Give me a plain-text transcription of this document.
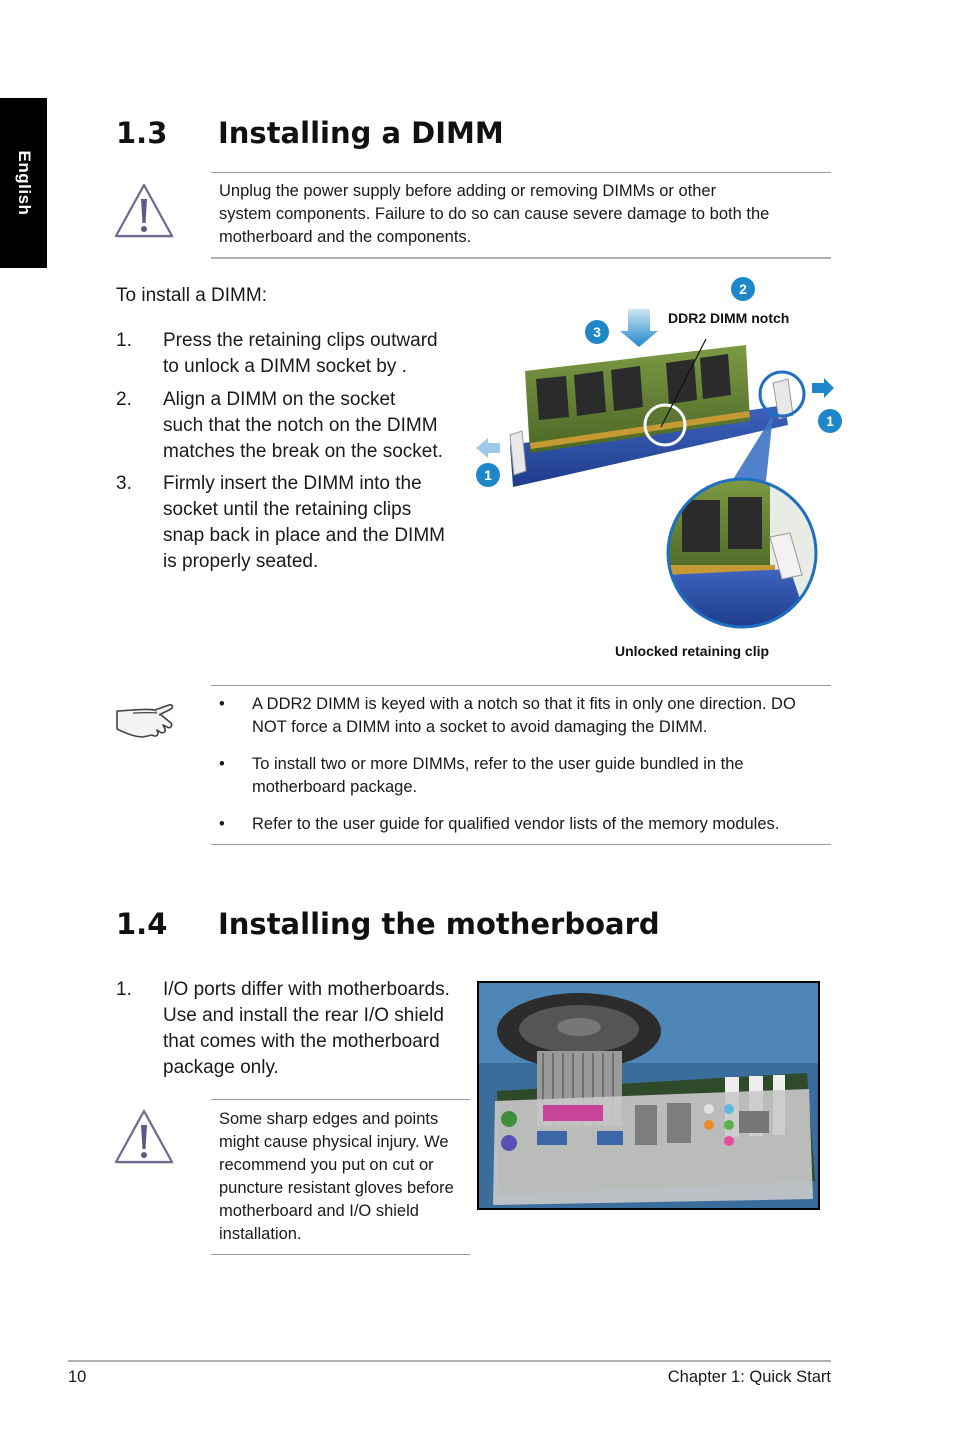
English
1.3 Installing a DIMM
Unplug the power supply before adding or removing DIMMs or other
system components. Failure to do so can cause severe damage to both the
motherboard and the components.
To install a DIMM:
1. Press the retaining clips outward
to unlock a DIMM socket by .
2. Align a DIMM on the socket
such that the notch on the DIMM
matches the break on the socket.
3. Firmly insert the DIMM into the
socket until the retaining clips
snap back in place and the DIMM
is properly seated.
2
3
1
1
DDR2 DIMM notch
Unlocked retaining clip
• A DDR2 DIMM is keyed with a notch so that it fits in only one direction. DO
NOT force a DIMM into a socket to avoid damaging the DIMM.
• To install two or more DIMMs, refer to the user guide bundled in the
motherboard package.
• Refer to the user guide for qualified vendor lists of the memory modules.
1.4 Installing the motherboard
1. I/O ports differ with motherboards.
Use and install the rear I/O shield
that comes with the motherboard
package only.
Some sharp edges and points
might cause physical injury. We
recommend you put on cut or
puncture resistant gloves before
motherboard and I/O shield
installation.
10	Chapter 1: Quick Start
